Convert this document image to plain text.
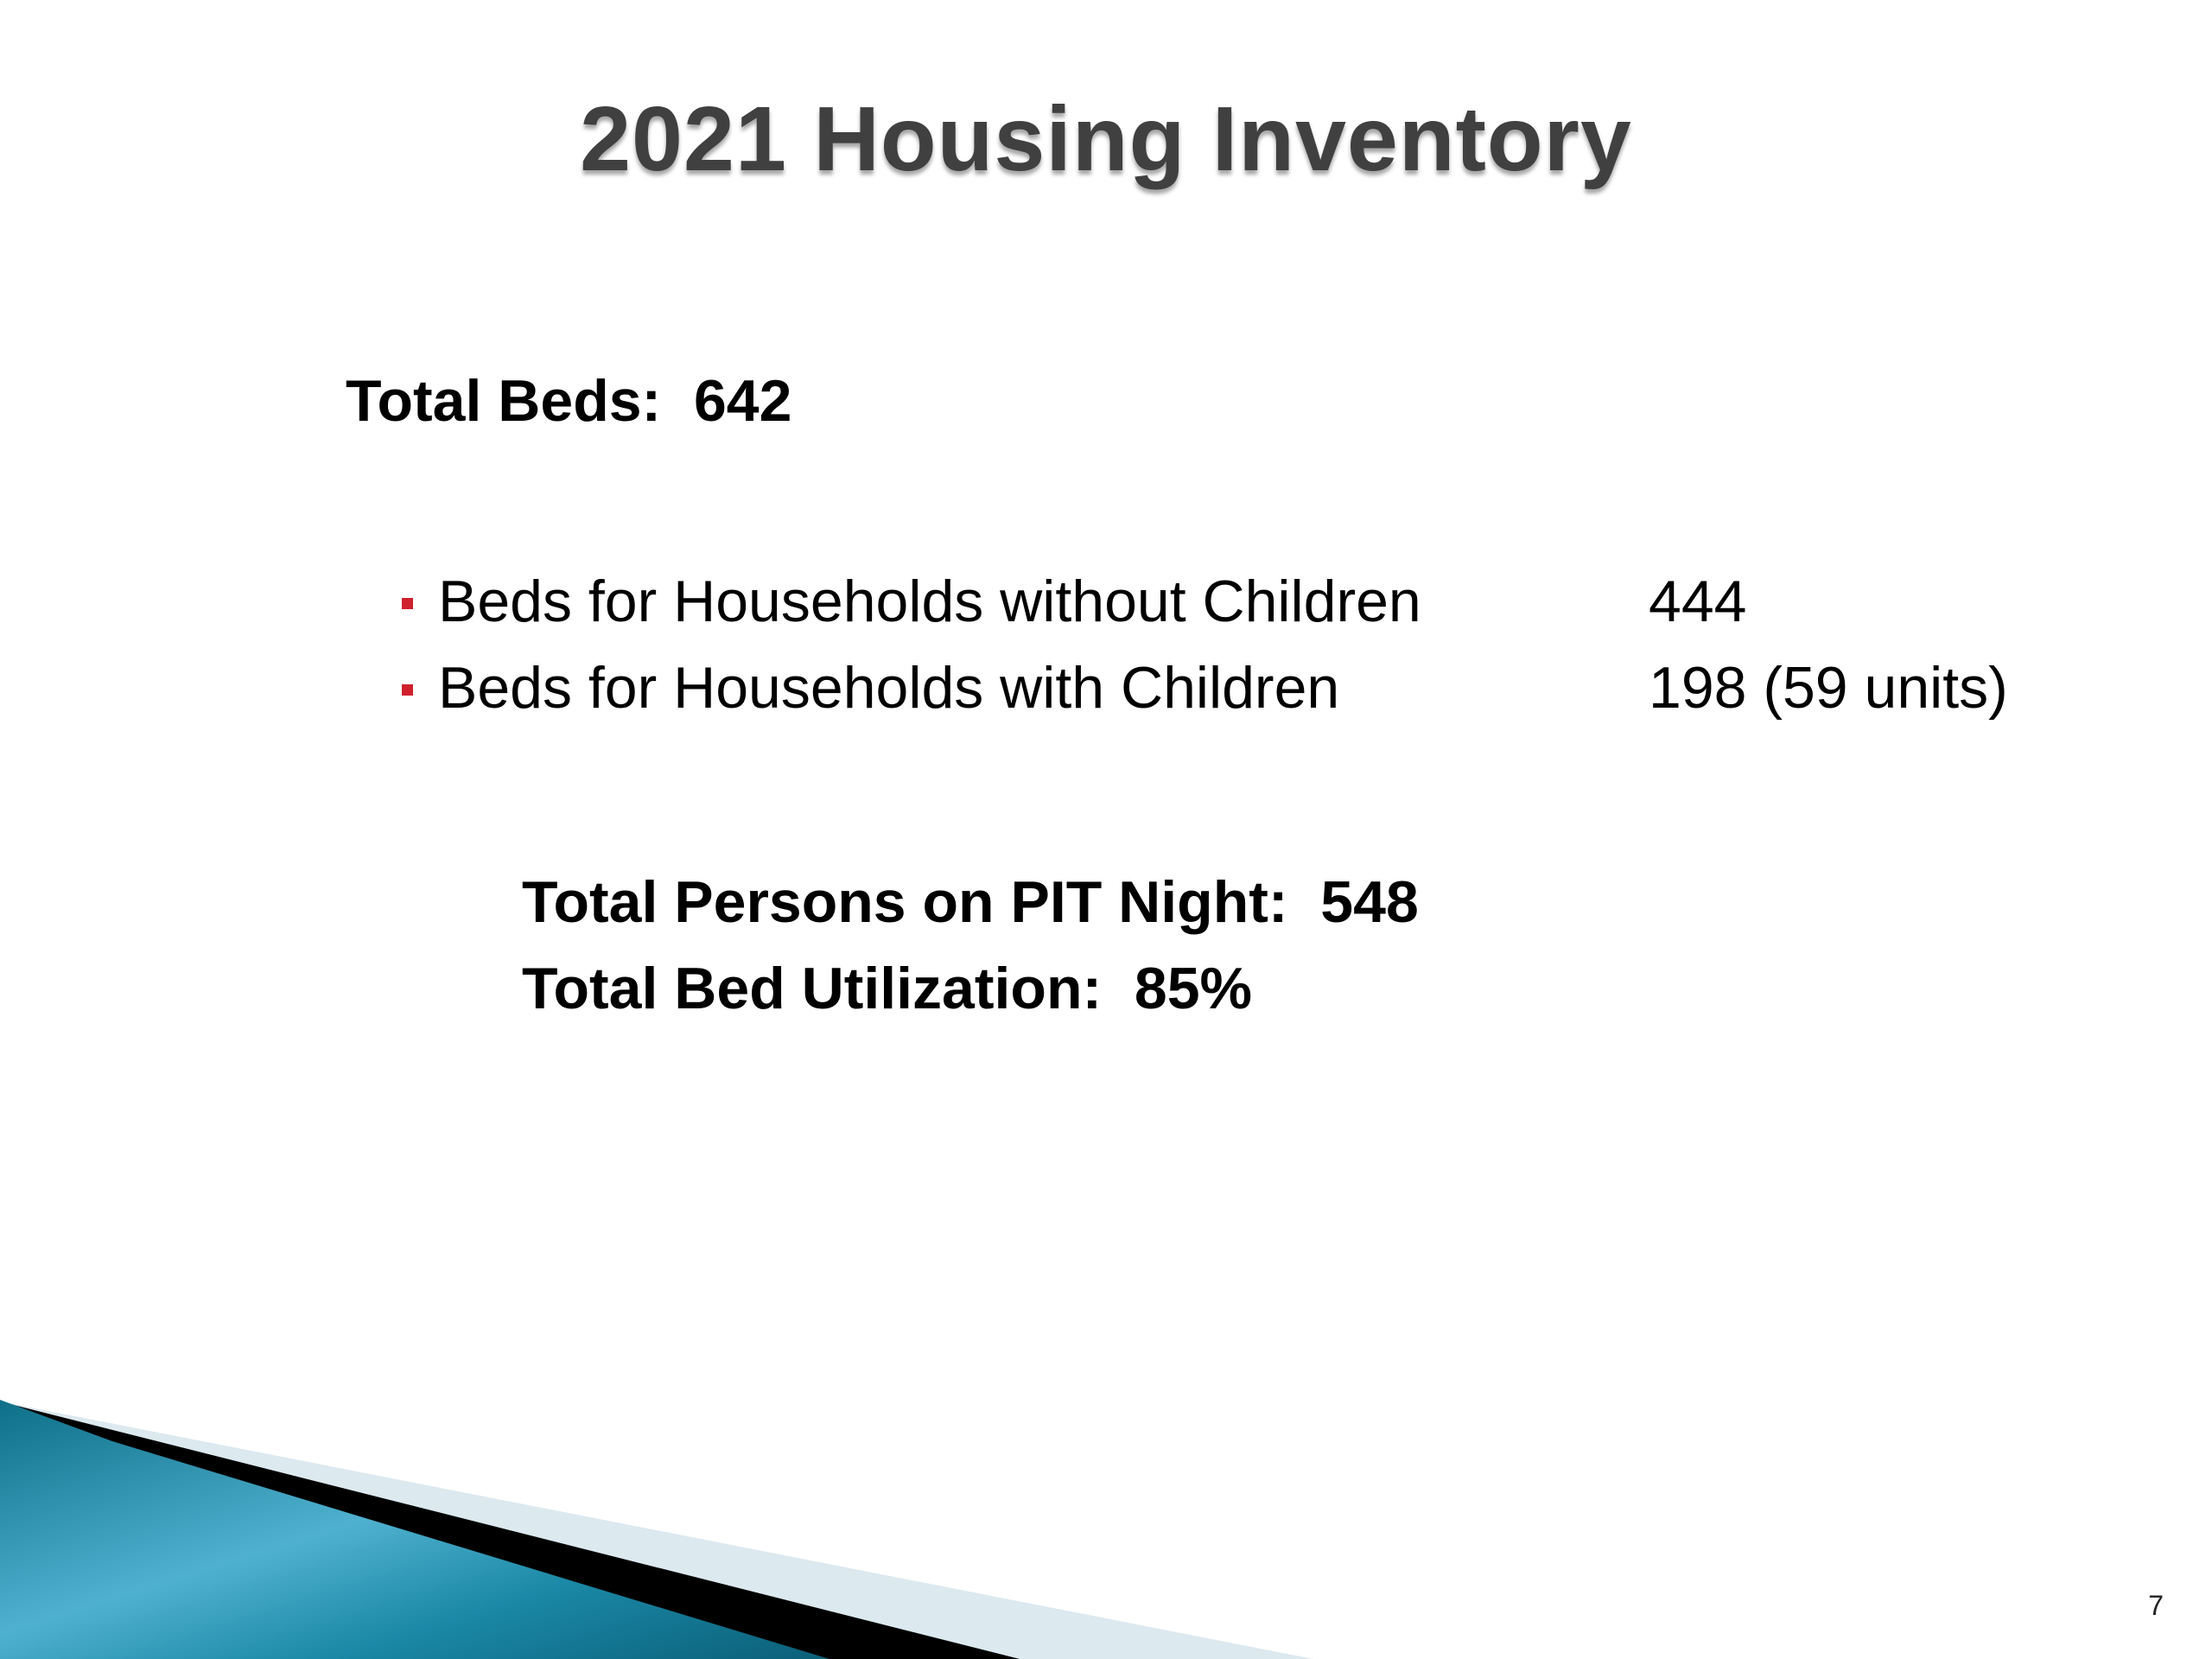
2021 Housing Inventory
Total Beds:  642

Beds for Households without Children

	444

Beds for Households with Children

	198 (59 units)

Total Persons on PIT Night:  548
Total Bed Utilization:  85%
7
